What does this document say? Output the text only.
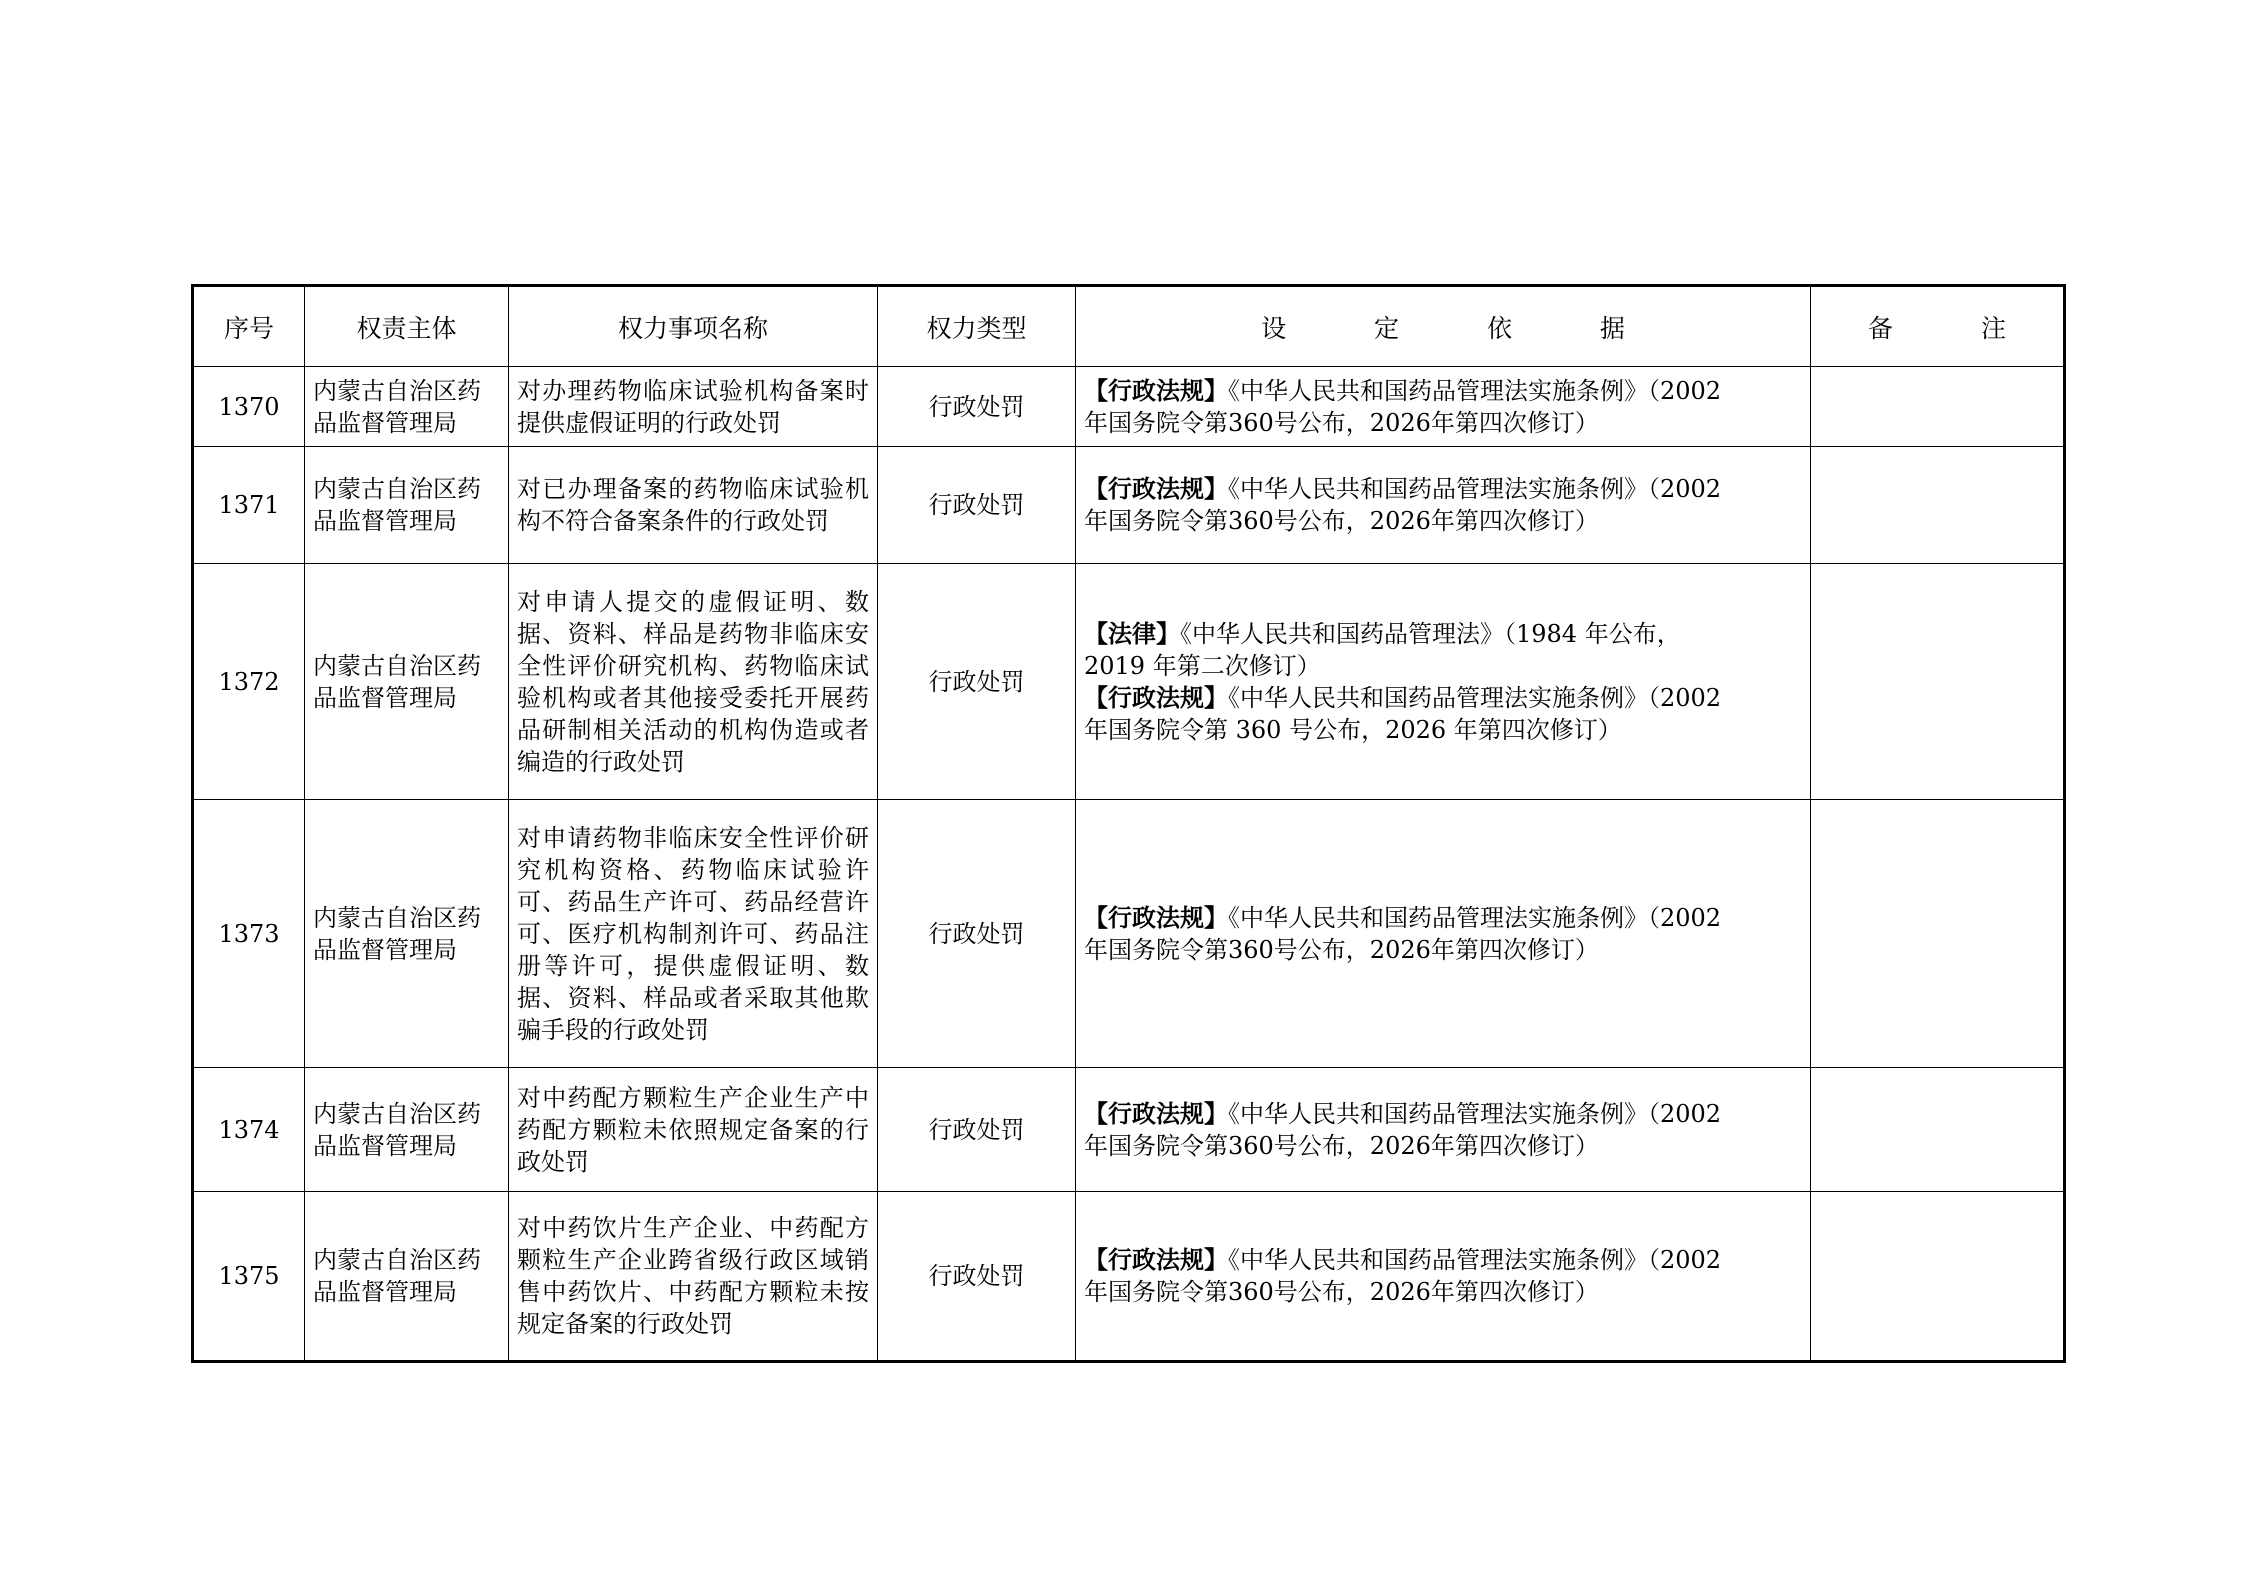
序号	权责主体	权力事项名称	权力类型	设 定 依 据	备 注
1370	内蒙古自治区药品监督管理局	对办理药物临床试验机构备案时提供虚假证明的行政处罚	行政处罚	【行政法规】《中华人民共和国药品管理法实施条例》（2002
年国务院令第360号公布，2026年第四次修订）	

1371	内蒙古自治区药品监督管理局	对已办理备案的药物临床试验机构不符合备案条件的行政处罚	行政处罚	【行政法规】《中华人民共和国药品管理法实施条例》（2002
年国务院令第360号公布，2026年第四次修订）	

1372	内蒙古自治区药品监督管理局	对申请人提交的虚假证明、数据、资料、样品是药物非临床安全性评价研究机构、药物临床试验机构或者其他接受委托开展药品研制相关活动的机构伪造或者编造的行政处罚	行政处罚	【法律】《中华人民共和国药品管理法》（1984 年公布，
2019 年第二次修订）
【行政法规】《中华人民共和国药品管理法实施条例》（2002
年国务院令第 360 号公布，2026 年第四次修订）	

1373	内蒙古自治区药品监督管理局	对申请药物非临床安全性评价研究机构资格、药物临床试验许可、药品生产许可、药品经营许可、医疗机构制剂许可、药品注册等许可，提供虚假证明、数据、资料、样品或者采取其他欺骗手段的行政处罚	行政处罚	【行政法规】《中华人民共和国药品管理法实施条例》（2002
年国务院令第360号公布，2026年第四次修订）	

1374	内蒙古自治区药品监督管理局	对中药配方颗粒生产企业生产中药配方颗粒未依照规定备案的行政处罚	行政处罚	【行政法规】《中华人民共和国药品管理法实施条例》（2002
年国务院令第360号公布，2026年第四次修订）	

1375	内蒙古自治区药品监督管理局	对中药饮片生产企业、中药配方颗粒生产企业跨省级行政区域销售中药饮片、中药配方颗粒未按规定备案的行政处罚	行政处罚	【行政法规】《中华人民共和国药品管理法实施条例》（2002
年国务院令第360号公布，2026年第四次修订）	
